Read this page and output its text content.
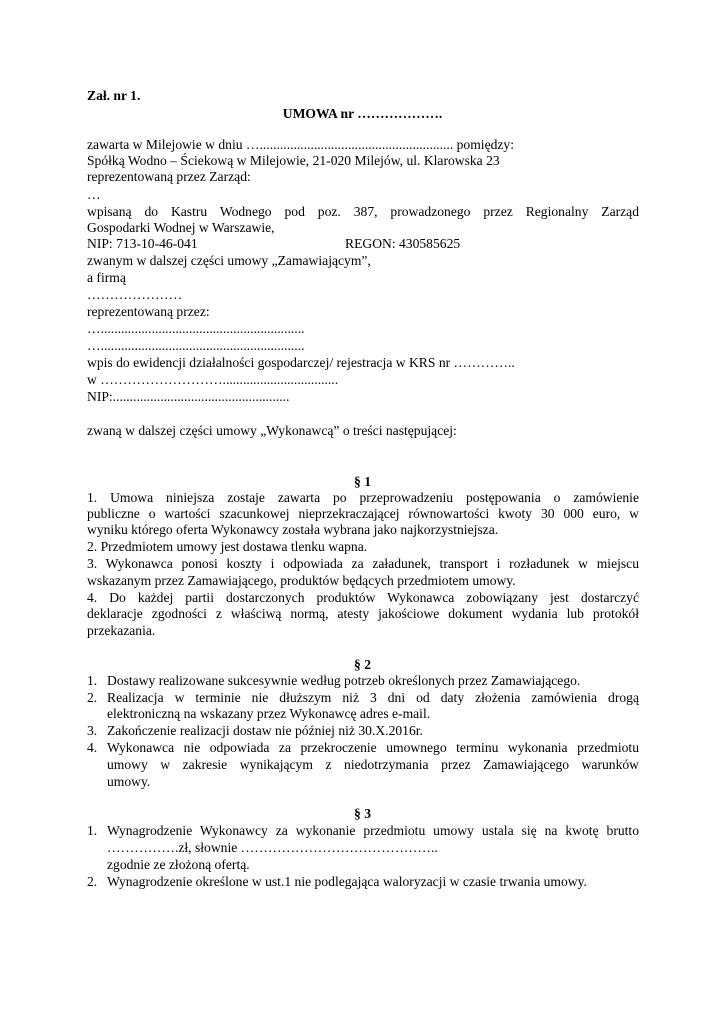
Zał. nr 1.
UMOWA nr ……………….
zawarta w Milejowie w dniu …......................................................... pomiędzy:
Spółką Wodno – Ściekową w Milejowie, 21-020 Milejów, ul. Klarowska 23
reprezentowaną przez Zarząd:
…
wpisaną do Kastru Wodnego pod poz. 387, prowadzonego przez Regionalny Zarząd
Gospodarki Wodnej w Warszawie,
NIP: 713-10-46-041	REGON: 430585625
zwanym w dalszej części umowy „Zamawiającym”,
a firmą
…………………
reprezentowaną przez:
…............................................................
…............................................................
wpis do ewidencji działalności gospodarczej/ rejestracja w KRS nr …………..
w ………………………..................................
NIP:....................................................
zwaną w dalszej części umowy „Wykonawcą” o treści następującej:
§ 1
1. Umowa niniejsza zostaje zawarta po przeprowadzeniu postępowania o zamówienie
publiczne o wartości szacunkowej nieprzekraczającej równowartości kwoty 30 000 euro, w
wyniku którego oferta Wykonawcy została wybrana jako najkorzystniejsza.
2. Przedmiotem umowy jest dostawa tlenku wapna.
3. Wykonawca ponosi koszty i odpowiada za załadunek, transport i rozładunek w miejscu
wskazanym przez Zamawiającego, produktów będących przedmiotem umowy.
4. Do każdej partii dostarczonych produktów Wykonawca zobowiązany jest dostarczyć
deklaracje zgodności z właściwą normą, atesty jakościowe dokument wydania lub protokół
przekazania.
§ 2
1. Dostawy realizowane sukcesywnie według potrzeb określonych przez Zamawiającego.
2. Realizacja w terminie nie dłuższym niż 3 dni od daty złożenia zamówienia drogą
elektroniczną na wskazany przez Wykonawcę adres e-mail.
3. Zakończenie realizacji dostaw nie później niż 30.X.2016r.
4. Wykonawca nie odpowiada za przekroczenie umownego terminu wykonania przedmiotu
umowy w zakresie wynikającym z niedotrzymania przez Zamawiającego warunków
umowy.
§ 3
1. Wynagrodzenie Wykonawcy za wykonanie przedmiotu umowy ustala się na kwotę brutto
…………….zł, słownie ……………………………………..
zgodnie ze złożoną ofertą.
2. Wynagrodzenie określone w ust.1 nie podlegająca waloryzacji w czasie trwania umowy.
